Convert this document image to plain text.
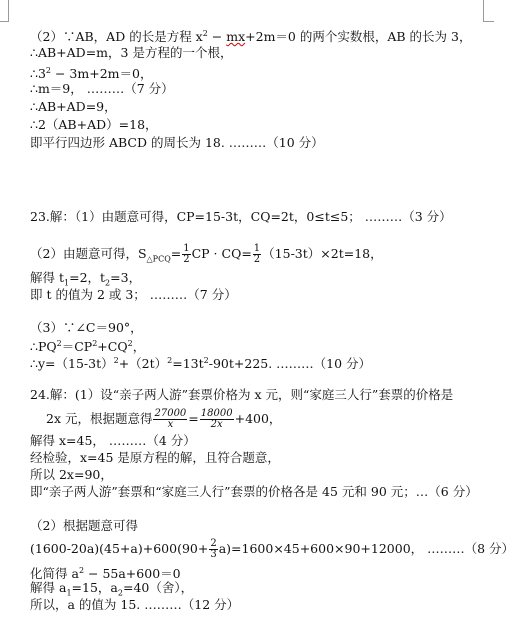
（2）∵AB，AD 的长是方程 $x^2 - mx+2m=0$ 的两个实数根，AB 的长为 3，
∴AB+AD=m，3 是方程的一个根，
$\therefore 3^2 - 3m+2m=0$，
∴m＝9， ………（7 分）
∴AB+AD=9，
∴2（AB+AD）=18，
即平行四边形 ABCD 的周长为 18. ………（10 分）
23.解：（1）由题意可得，CP=15-3t，CQ=2t，0≤t≤5； ………（3 分）
（2）由题意可得，$S_{\triangle PCQ}= \frac{1}{2}$ CP · $CQ= \frac{1}{2} (15-3t)\times 2t=18$，
解得 $t_1=2$，$t_2=3$，
即 t 的值为 2 或 3； ………（7 分）
（3）∵∠C＝90°，
$\therefore PQ^2=CP^2+CQ^2$，
$\therefore y=(15-3t)^2+(2t)^2=13t^2-90t+225$. ………（10 分）
24.解：(1）设“亲子两人游”套票价格为 x 元，则“家庭三人行”套票的价格是
2x 元，根据题意得 $\frac{27000}{x} = \frac{18000}{2x} +400$，
解得 x=45， ………（4 分）
经检验，x=45 是原方程的解，且符合题意，
所以 2x=90，
即“亲子两人游”套票和“家庭三人行”套票的价格各是 45 元和 90 元；…（6 分）
（2）根据题意可得
$(1600-20a)(45+a)+600(90+ \frac{2}{3} a)=1600\times 45+600\times 90+12000$， ………（8 分）
化简得 $a^2 - 55a+600=0$
解得 $a_1=15$，$a_2=40$（舍），
所以，a 的值为 15. ………（12 分）
